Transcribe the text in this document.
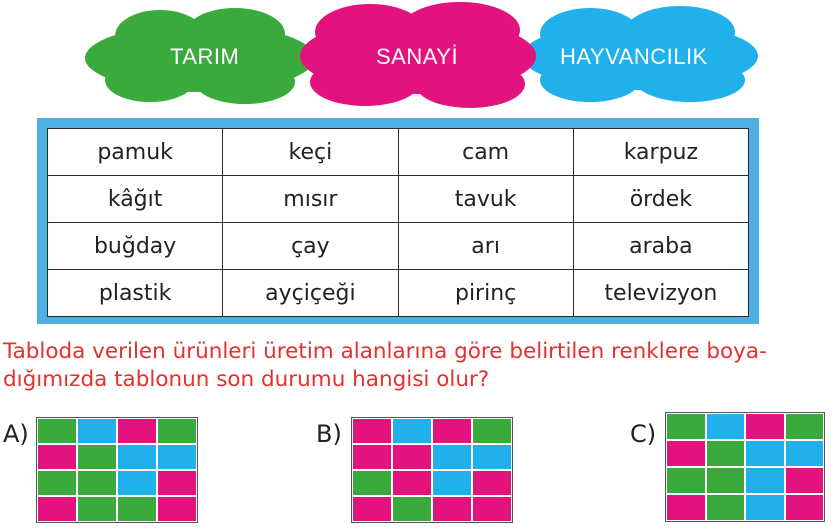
TARIM	SANAYİ	HAYVANCILIK
pamuk	keçi	cam	karpuz
kâğıt	mısır	tavuk	ördek
buğday	çay	arı	araba
plastik	ayçiçeği	pirinç	televizyon
Tabloda verilen ürünleri üretim alanlarına göre belirtilen renklere boya-
dığımızda tablonun son durumu hangisi olur?
A)	B)	C)
